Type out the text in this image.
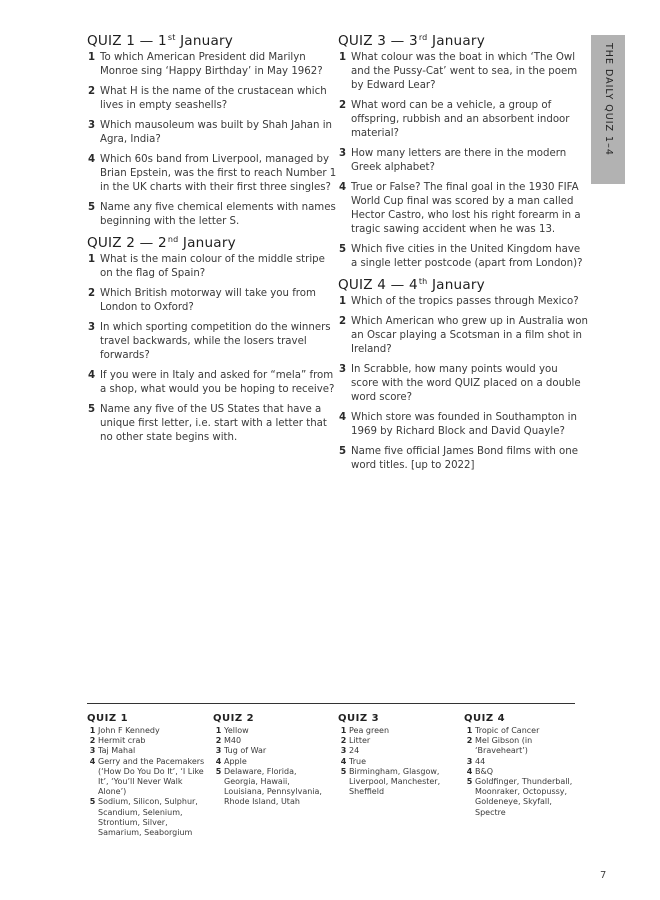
QUIZ 1 — 1st January
1 To which American President did Marilyn Monroe sing ‘Happy Birthday’ in May 1962?
2 What H is the name of the crustacean which lives in empty seashells?
3 Which mausoleum was built by Shah Jahan in Agra, India?
4 Which 60s band from Liverpool, managed by Brian Epstein, was the first to reach Number 1 in the UK charts with their first three singles?
5 Name any five chemical elements with names beginning with the letter S.
QUIZ 2 — 2nd January
1 What is the main colour of the middle stripe on the flag of Spain?
2 Which British motorway will take you from London to Oxford?
3 In which sporting competition do the winners travel backwards, while the losers travel forwards?
4 If you were in Italy and asked for “mela” from a shop, what would you be hoping to receive?
5 Name any five of the US States that have a unique first letter, i.e. start with a letter that no other state begins with.
QUIZ 3 — 3rd January
1 What colour was the boat in which ‘The Owl and the Pussy-Cat’ went to sea, in the poem by Edward Lear?
2 What word can be a vehicle, a group of offspring, rubbish and an absorbent indoor material?
3 How many letters are there in the modern Greek alphabet?
4 True or False? The final goal in the 1930 FIFA World Cup final was scored by a man called Hector Castro, who lost his right forearm in a tragic sawing accident when he was 13.
5 Which five cities in the United Kingdom have a single letter postcode (apart from London)?
QUIZ 4 — 4th January
1 Which of the tropics passes through Mexico?
2 Which American who grew up in Australia won an Oscar playing a Scotsman in a film shot in Ireland?
3 In Scrabble, how many points would you score with the word QUIZ placed on a double word score?
4 Which store was founded in Southampton in 1969 by Richard Block and David Quayle?
5 Name five official James Bond films with one word titles. [up to 2022]
THE DAILY QUIZ 1–4
QUIZ 1
1 John F Kennedy
2 Hermit crab
3 Taj Mahal
4 Gerry and the Pacemakers (‘How Do You Do It’, ‘I Like It’, ‘You’ll Never Walk Alone’)
5 Sodium, Silicon, Sulphur, Scandium, Selenium, Strontium, Silver, Samarium, Seaborgium
QUIZ 2
1 Yellow
2 M40
3 Tug of War
4 Apple
5 Delaware, Florida, Georgia, Hawaii, Louisiana, Pennsylvania, Rhode Island, Utah
QUIZ 3
1 Pea green
2 Litter
3 24
4 True
5 Birmingham, Glasgow, Liverpool, Manchester, Sheffield
QUIZ 4
1 Tropic of Cancer
2 Mel Gibson (in ‘Braveheart’)
3 44
4 B&Q
5 Goldfinger, Thunderball, Moonraker, Octopussy, Goldeneye, Skyfall, Spectre
7
